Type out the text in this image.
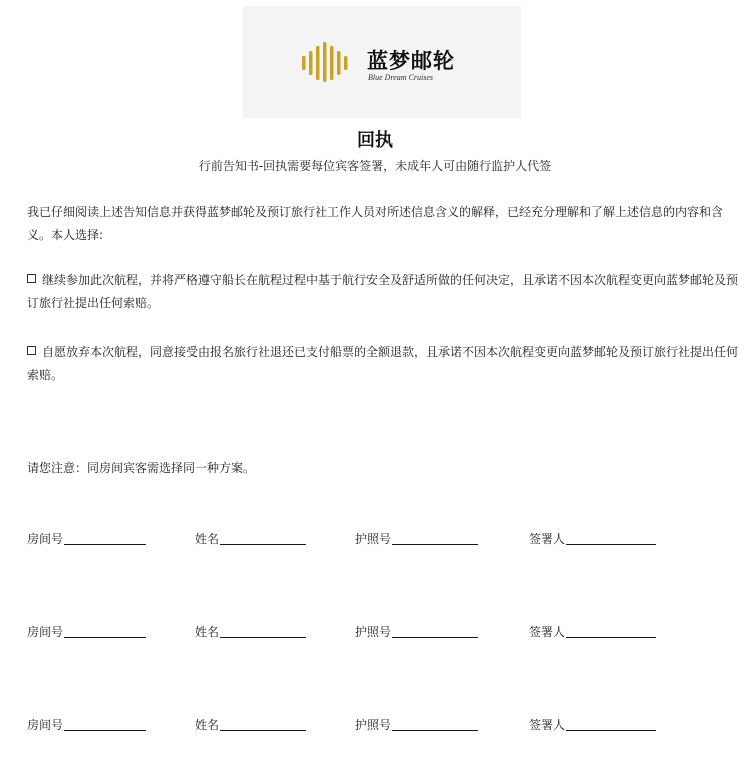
蓝梦邮轮
Blue Dream Cruises
回执
行前告知书-回执需要每位宾客签署，未成年人可由随行监护人代签
我已仔细阅读上述告知信息并获得蓝梦邮轮及预订旅行社工作人员对所述信息含义的解释，已经充分理解和了解上述信息的内容和含义。本人选择:
继续参加此次航程，并将严格遵守船长在航程过程中基于航行安全及舒适所做的任何决定，且承诺不因本次航程变更向蓝梦邮轮及预订旅行社提出任何索赔。
自愿放弃本次航程，同意接受由报名旅行社退还已支付船票的全额退款，且承诺不因本次航程变更向蓝梦邮轮及预订旅行社提出任何索赔。
请您注意：同房间宾客需选择同一种方案。
房间号	姓名	护照号	签署人
房间号	姓名	护照号	签署人
房间号	姓名	护照号	签署人
